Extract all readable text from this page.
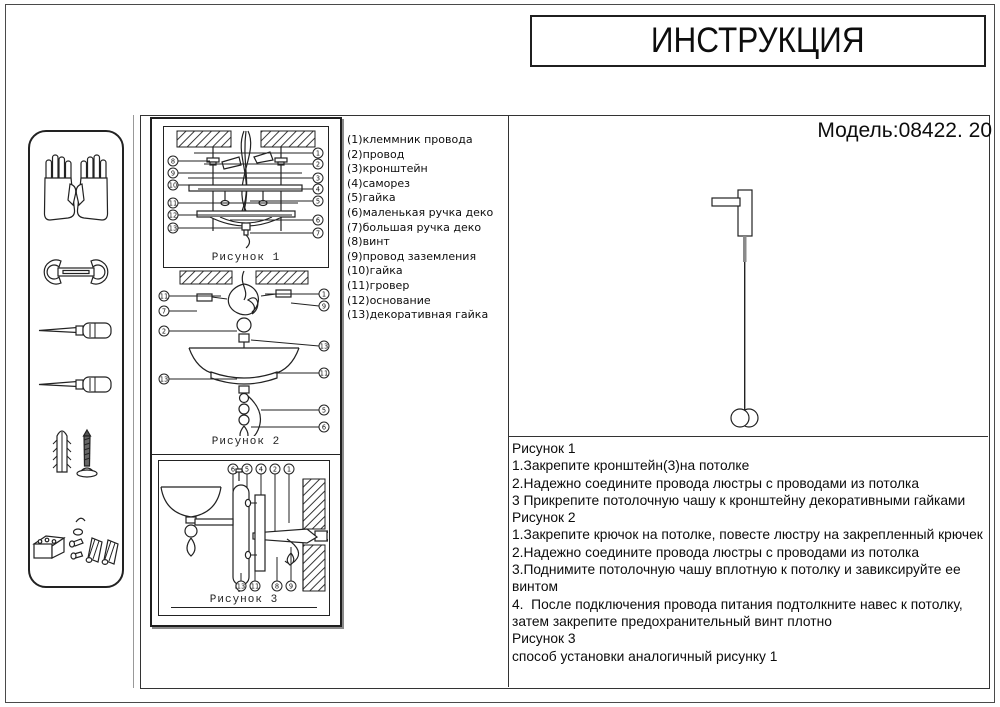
ИНСТРУКЦИЯ
Модель:08422. 20
8
9
10
11
12
13
1
2
3
4
5
6
7
Рисунок 1
11
7
2
13
1
9
13
11
5
6
Рисунок 2
6 5 4 2 1
13 11 8 9
Рисунок 3
(1)клеммник провода
(2)провод
(3)кронштейн
(4)саморез
(5)гайка
(6)маленькая ручка деко
(7)большая ручка деко
(8)винт
(9)провод заземления
(10)гайка
(11)гровер
(12)основание
(13)декоративная гайка
Рисунок 1
1.Закрепите кронштейн(3)на потолке
2.Надежно соедините провода люстры с проводами из потолка
3 Прикрепите потолочную чашу к кронштейну декоративными гайками
Рисунок 2
1.Закрепите крючок на потолке, повесте люстру на закрепленный крючек
2.Надежно соедините провода люстры с проводами из потолка
3.Поднимите потолочную чашу вплотную к потолку и завиксируйте ее винтом
4.  После подключения провода питания подтолкните навес к потолку, затем закрепите предохранительный винт плотно
Рисунок 3
способ установки аналогичный рисунку 1
